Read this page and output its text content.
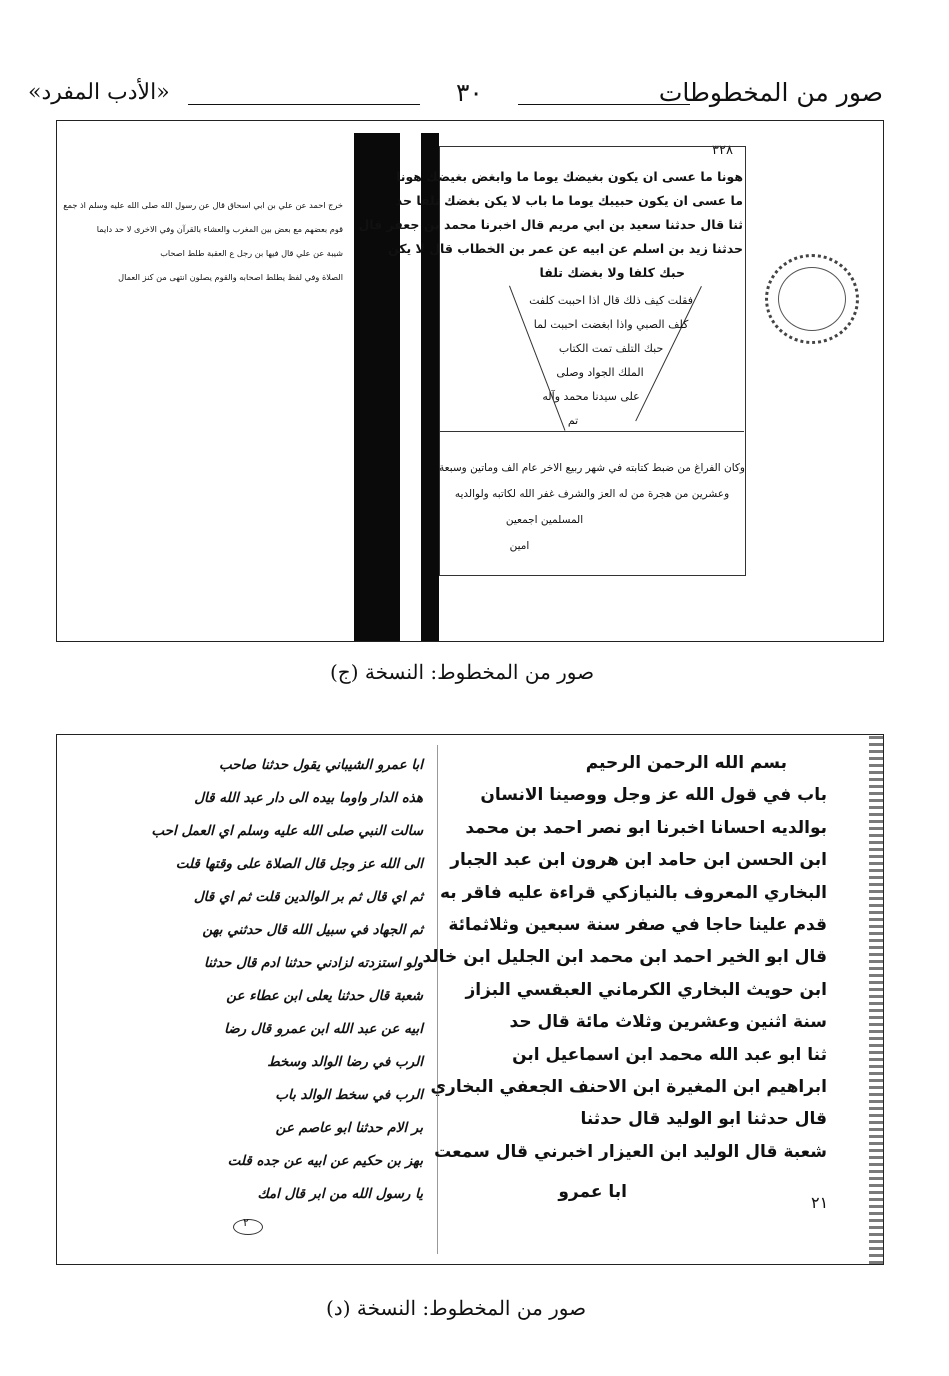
صور من المخطوطات
٣٠
«الأدب المفرد»
٣٢٨
هونا ما عسى ان يكون بغيضك يوما ما وابغض بغيضك هونا
ما عسى ان يكون حبيبك يوما ما باب لا يكن بغضك تلفا حد
ثنا قال حدثنا سعيد بن ابي مريم قال اخبرنا محمد بن جعفر قال
حدثنا زيد بن اسلم عن ابيه عن عمر بن الخطاب قال لا يكن
حبك كلفا ولا بغضك تلفا
فقلت كيف ذلك قال اذا احببت كلفت
كلف الصبي واذا ابغضت احببت لما
حبك التلف تمت الكتاب
الملك الجواد وصلى
على سيدنا محمد وآله
تم
وكان الفراغ من ضبط كتابته في شهر ربيع الاخر عام الف وماتين وسبعة
وعشرين من هجرة من له العز والشرف غفر الله لكاتبه ولوالديه
المسلمين اجمعين
امين
خرج احمد عن علي بن ابي اسحاق قال عن رسول الله صلى الله عليه وسلم اذ جمع
قوم بعضهم مع بعض بين المغرب والعشاء بالقرآن وفي الاخرى لا حد دايما
شيبة عن علي قال فيها بن رجل ع العقبة طلط اصحاب
الصلاة وفي لفظ يطلط اصحابه والقوم يصلون انتهى من كنز العمال
صور من المخطوط: النسخة (ج)
بسم الله الرحمن الرحيم
باب في قول الله عز وجل ووصينا الانسان
بوالديه احسانا اخبرنا ابو نصر احمد بن محمد
ابن الحسن ابن حامد ابن هرون ابن عبد الجبار
البخاري المعروف بالنيازكي قراءة عليه فاقر به
قدم علينا حاجا في صفر سنة سبعين وثلاثمائة
قال ابو الخير احمد ابن محمد ابن الجليل ابن خالد
ابن حويث البخاري الكرماني العبقسي البزاز
سنة اثنين وعشرين وثلاث مائة قال حد
ثنا ابو عبد الله محمد ابن اسماعيل ابن
ابراهيم ابن المغيرة ابن الاحنف الجعفي البخاري
قال حدثنا ابو الوليد قال حدثنا
شعبة قال الوليد ابن العيزار اخبرني قال سمعت
ابا عمرو
ابا عمرو الشيباني يقول حدثنا صاحب
هذه الدار واوما بيده الى دار عبد الله قال
سالت النبي صلى الله عليه وسلم اي العمل احب
الى الله عز وجل قال الصلاة على وقتها قلت
ثم اي قال ثم بر الوالدين قلت ثم اي قال
ثم الجهاد في سبيل الله قال حدثني بهن
ولو استزدته لزادني حدثنا ادم قال حدثنا
شعبة قال حدثنا يعلى ابن عطاء عن
ابيه عن عبد الله ابن عمرو قال رضا
الرب في رضا الوالد وسخط
الرب في سخط الوالد باب
بر الام حدثنا ابو عاصم عن
بهز بن حكيم عن ابيه عن جده قلت
يا رسول الله من ابر قال امك
٢
٢١
صور من المخطوط: النسخة (د)
